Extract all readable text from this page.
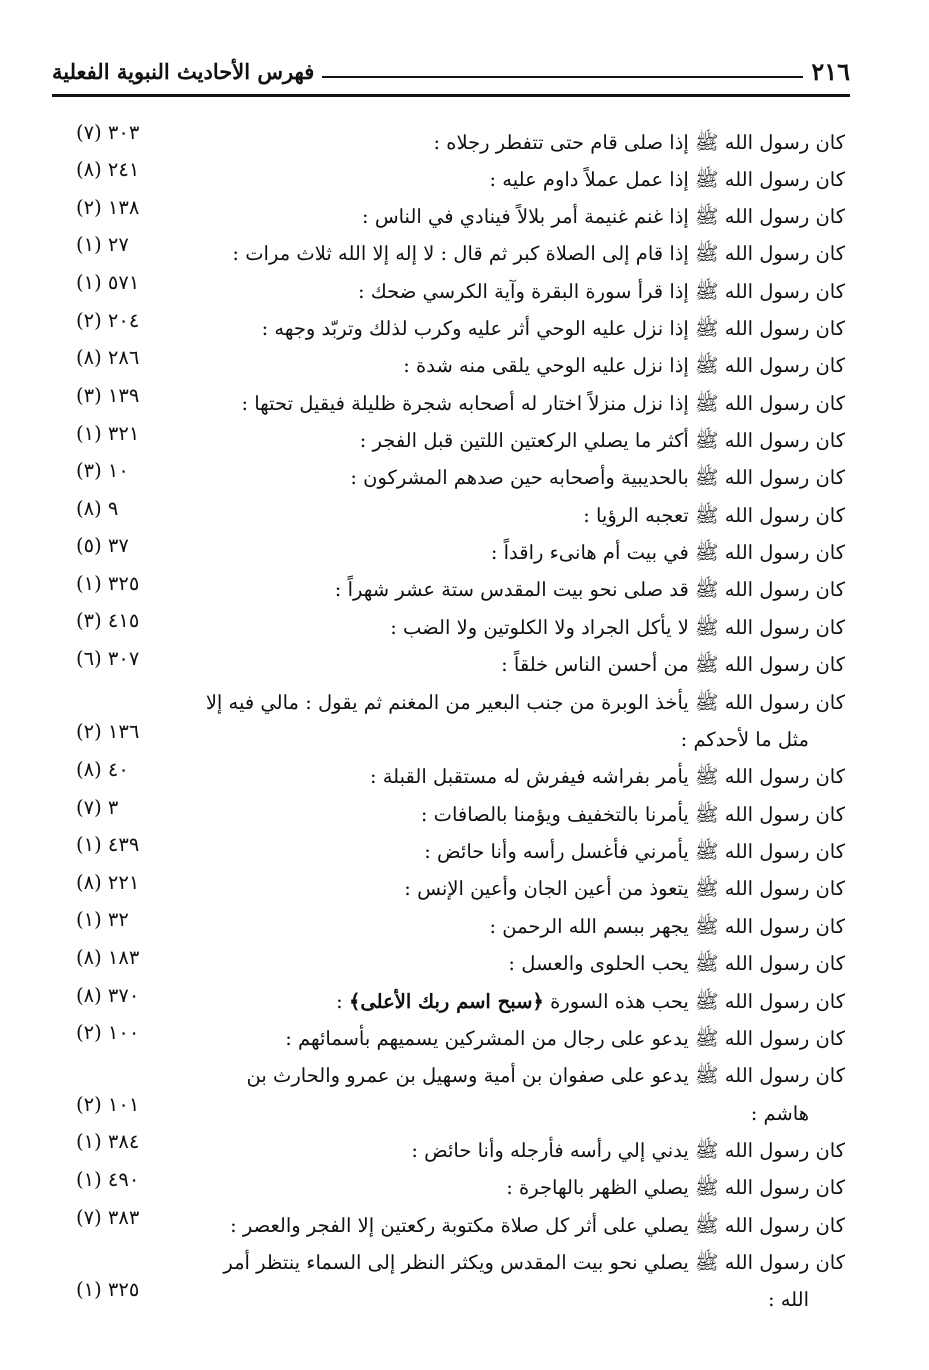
فهرس الأحاديث النبوية الفعلية	٢١٦
كان رسول الله ﷺ إذا صلى قام حتى تتفطر رجلاه :
٣٠٣ (٧)
كان رسول الله ﷺ إذا عمل عملاً داوم عليه :
٢٤١ (٨)
كان رسول الله ﷺ إذا غنم غنيمة أمر بلالاً فينادي في الناس :
١٣٨ (٢)
كان رسول الله ﷺ إذا قام إلى الصلاة كبر ثم قال : لا إله إلا الله ثلاث مرات :
٢٧ (١)
كان رسول الله ﷺ إذا قرأ سورة البقرة وآية الكرسي ضحك :
٥٧١ (١)
كان رسول الله ﷺ إذا نزل عليه الوحي أثر عليه وكرب لذلك وتربّد وجهه :
٢٠٤ (٢)
كان رسول الله ﷺ إذا نزل عليه الوحي يلقى منه شدة :
٢٨٦ (٨)
كان رسول الله ﷺ إذا نزل منزلاً اختار له أصحابه شجرة ظليلة فيقيل تحتها :
١٣٩ (٣)
كان رسول الله ﷺ أكثر ما يصلي الركعتين اللتين قبل الفجر :
٣٢١ (١)
كان رسول الله ﷺ بالحديبية وأصحابه حين صدهم المشركون :
١٠ (٣)
كان رسول الله ﷺ تعجبه الرؤيا :
٩ (٨)
كان رسول الله ﷺ في بيت أم هانىء راقداً :
٣٧ (٥)
كان رسول الله ﷺ قد صلى نحو بيت المقدس ستة عشر شهراً :
٣٢٥ (١)
كان رسول الله ﷺ لا يأكل الجراد ولا الكلوتين ولا الضب :
٤١٥ (٣)
كان رسول الله ﷺ من أحسن الناس خلقاً :
٣٠٧ (٦)
كان رسول الله ﷺ يأخذ الوبرة من جنب البعير من المغنم ثم يقول : مالي فيه إلا
مثل ما لأحدكم :
١٣٦ (٢)
كان رسول الله ﷺ يأمر بفراشه فيفرش له مستقبل القبلة :
٤٠ (٨)
كان رسول الله ﷺ يأمرنا بالتخفيف ويؤمنا بالصافات :
٣ (٧)
كان رسول الله ﷺ يأمرني فأغسل رأسه وأنا حائض :
٤٣٩ (١)
كان رسول الله ﷺ يتعوذ من أعين الجان وأعين الإنس :
٢٢١ (٨)
كان رسول الله ﷺ يجهر ببسم الله الرحمن :
٣٢ (١)
كان رسول الله ﷺ يحب الحلوى والعسل :
١٨٣ (٨)
كان رسول الله ﷺ يحب هذه السورة ﴿سبح اسم ربك الأعلى﴾ :
٣٧٠ (٨)
كان رسول الله ﷺ يدعو على رجال من المشركين يسميهم بأسمائهم :
١٠٠ (٢)
كان رسول الله ﷺ يدعو على صفوان بن أمية وسهيل بن عمرو والحارث بن
هاشم :
١٠١ (٢)
كان رسول الله ﷺ يدني إلي رأسه فأرجله وأنا حائض :
٣٨٤ (١)
كان رسول الله ﷺ يصلي الظهر بالهاجرة :
٤٩٠ (١)
كان رسول الله ﷺ يصلي على أثر كل صلاة مكتوبة ركعتين إلا الفجر والعصر :
٣٨٣ (٧)
كان رسول الله ﷺ يصلي نحو بيت المقدس ويكثر النظر إلى السماء ينتظر أمر
الله :
٣٢٥ (١)
